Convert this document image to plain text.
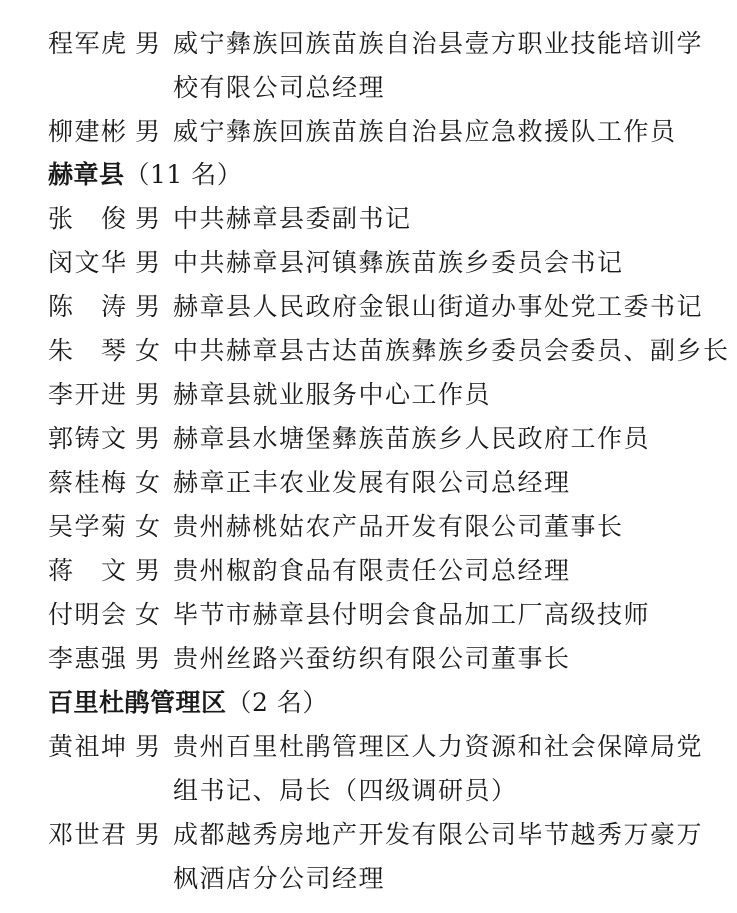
程军虎 男 威宁彝族回族苗族自治县壹方职业技能培训学
校有限公司总经理
柳建彬 男 威宁彝族回族苗族自治县应急救援队工作员
赫章县（11 名）
张俊 男 中共赫章县委副书记
闵文华 男 中共赫章县河镇彝族苗族乡委员会书记
陈涛 男 赫章县人民政府金银山街道办事处党工委书记
朱琴 女 中共赫章县古达苗族彝族乡委员会委员、副乡长
李开进 男 赫章县就业服务中心工作员
郭铸文 男 赫章县水塘堡彝族苗族乡人民政府工作员
蔡桂梅 女 赫章正丰农业发展有限公司总经理
吴学菊 女 贵州赫桃姑农产品开发有限公司董事长
蒋文 男 贵州椒韵食品有限责任公司总经理
付明会 女 毕节市赫章县付明会食品加工厂高级技师
李惠强 男 贵州丝路兴蚕纺织有限公司董事长
百里杜鹃管理区（2 名）
黄祖坤 男 贵州百里杜鹃管理区人力资源和社会保障局党
组书记、局长（四级调研员）
邓世君 男 成都越秀房地产开发有限公司毕节越秀万豪万
枫酒店分公司经理
